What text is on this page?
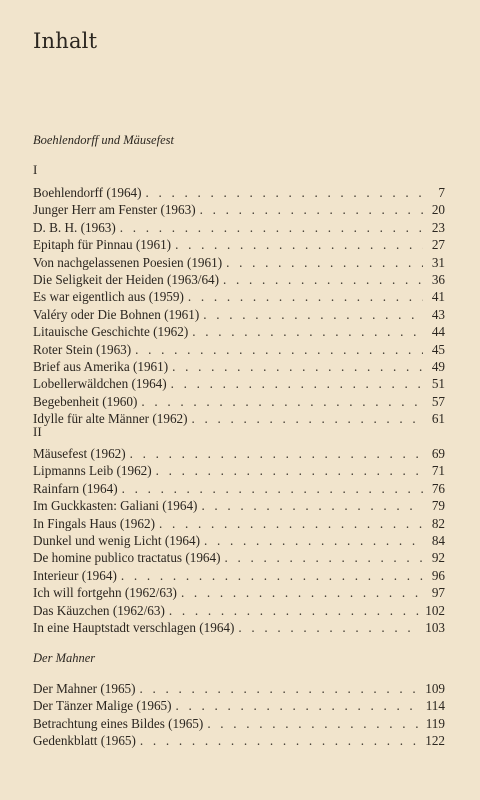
Inhalt
Boehlendorff und Mäusefest
I
Boehlendorff (1964) . . .	7
Junger Herr am Fenster (1963) . . .	20
D. B. H. (1963) . . .	23
Epitaph für Pinnau (1961) . . .	27
Von nachgelassenen Poesien (1961) . . .	31
Die Seligkeit der Heiden (1963/64) . . .	36
Es war eigentlich aus (1959) . . .	41
Valéry oder Die Bohnen (1961) . . .	43
Litauische Geschichte (1962) . . .	44
Roter Stein (1963) . . .	45
Brief aus Amerika (1961) . . .	49
Lobellerwäldchen (1964) . . .	51
Begebenheit (1960) . . .	57
Idylle für alte Männer (1962) . . .	61
II
Mäusefest (1962) . . .	69
Lipmanns Leib (1962) . . .	71
Rainfarn (1964) . . .	76
Im Guckkasten: Galiani (1964) . . .	79
In Fingals Haus (1962) . . .	82
Dunkel und wenig Licht (1964) . . .	84
De homine publico tractatus (1964) . . .	92
Interieur (1964) . . .	96
Ich will fortgehn (1962/63) . . .	97
Das Käuzchen (1962/63) . . .	102
In eine Hauptstadt verschlagen (1964) . . .	103
Der Mahner
Der Mahner (1965) . . .	109
Der Tänzer Malige (1965) . . .	114
Betrachtung eines Bildes (1965) . . .	119
Gedenkblatt (1965) . . .	122
